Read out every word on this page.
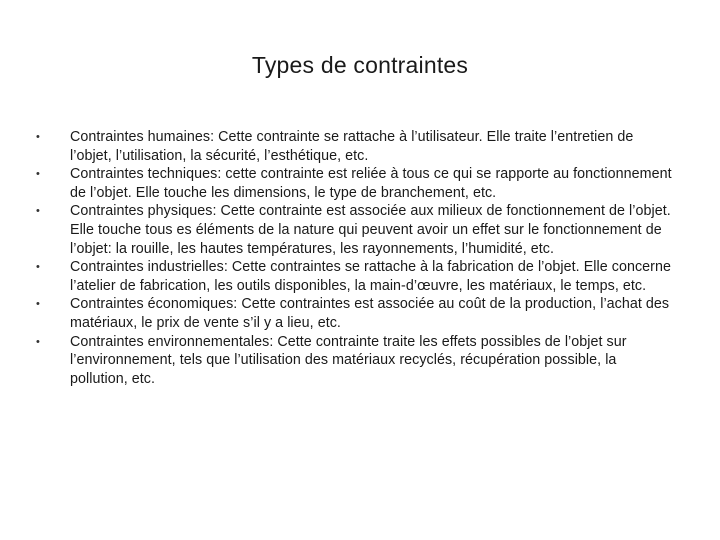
Types de contraintes
•	Contraintes humaines: Cette contrainte se rattache à l’utilisateur. Elle traite l’entretien de l’objet, l’utilisation, la sécurité, l’esthétique, etc.
•	Contraintes techniques: cette contrainte est reliée à tous ce qui se rapporte au fonctionnement de l’objet. Elle touche les dimensions, le type de branchement, etc.
•	Contraintes physiques: Cette contrainte est associée aux milieux de fonctionnement de l’objet. Elle touche tous es éléments de la nature qui peuvent avoir un effet sur le fonctionnement de l’objet: la rouille, les hautes températures, les rayonnements, l’humidité, etc.
•	Contraintes industrielles: Cette contraintes se rattache à la fabrication de l’objet. Elle concerne l’atelier de fabrication, les outils disponibles, la main-d’œuvre, les matériaux, le temps, etc.
•	Contraintes économiques: Cette contraintes est associée au coût de la production, l’achat des matériaux, le prix de vente s’il y a lieu, etc.
•	Contraintes environnementales: Cette contrainte traite les effets possibles de l’objet sur l’environnement, tels que l’utilisation des matériaux recyclés, récupération possible, la pollution, etc.
